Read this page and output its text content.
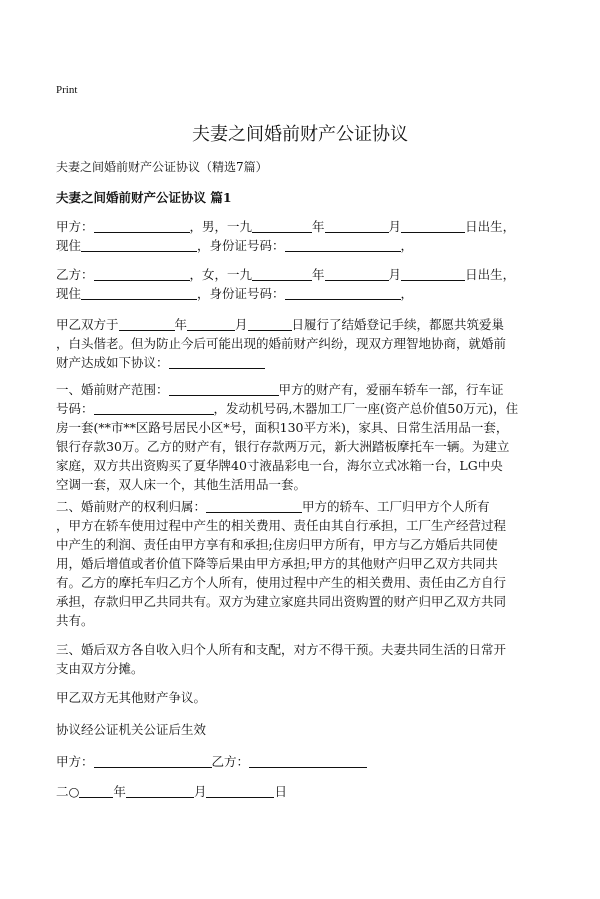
Print
夫妻之间婚前财产公证协议
夫妻之间婚前财产公证协议（精选7篇）
夫妻之间婚前财产公证协议 篇1
甲方：	，男，一九	年	月	日出生，
现住	，身份证号码：	，
乙方：	，女，一九	年	月	日出生，
现住	，身份证号码：	，
甲乙双方于	年	月	日履行了结婚登记手续，都愿共筑爱巢
，白头偕老。但为防止今后可能出现的婚前财产纠纷，现双方理智地协商，就婚前
财产达成如下协议：
一、婚前财产范围：	甲方的财产有，爱丽车轿车一部，行车证
号码：	，发动机号码,木器加工厂一座(资产总价值50万元)，住
房一套(**市**区路号居民小区*号，面积130平方米)，家具、日常生活用品一套，
银行存款30万。乙方的财产有，银行存款两万元，新大洲踏板摩托车一辆。为建立
家庭，双方共出资购买了夏华牌40寸液晶彩电一台，海尔立式冰箱一台，LG中央
空调一套，双人床一个，其他生活用品一套。
二、婚前财产的权利归属：	甲方的轿车、工厂归甲方个人所有
，甲方在轿车使用过程中产生的相关费用、责任由其自行承担，工厂生产经营过程
中产生的利润、责任由甲方享有和承担;住房归甲方所有，甲方与乙方婚后共同使
用，婚后增值或者价值下降等后果由甲方承担;甲方的其他财产归甲乙双方共同共
有。乙方的摩托车归乙方个人所有，使用过程中产生的相关费用、责任由乙方自行
承担，存款归甲乙共同共有。双方为建立家庭共同出资购置的财产归甲乙双方共同
共有。
三、婚后双方各自收入归个人所有和支配，对方不得干预。夫妻共同生活的日常开
支由双方分摊。
甲乙双方无其他财产争议。
协议经公证机关公证后生效
甲方：	乙方：
二○	年	月	日
